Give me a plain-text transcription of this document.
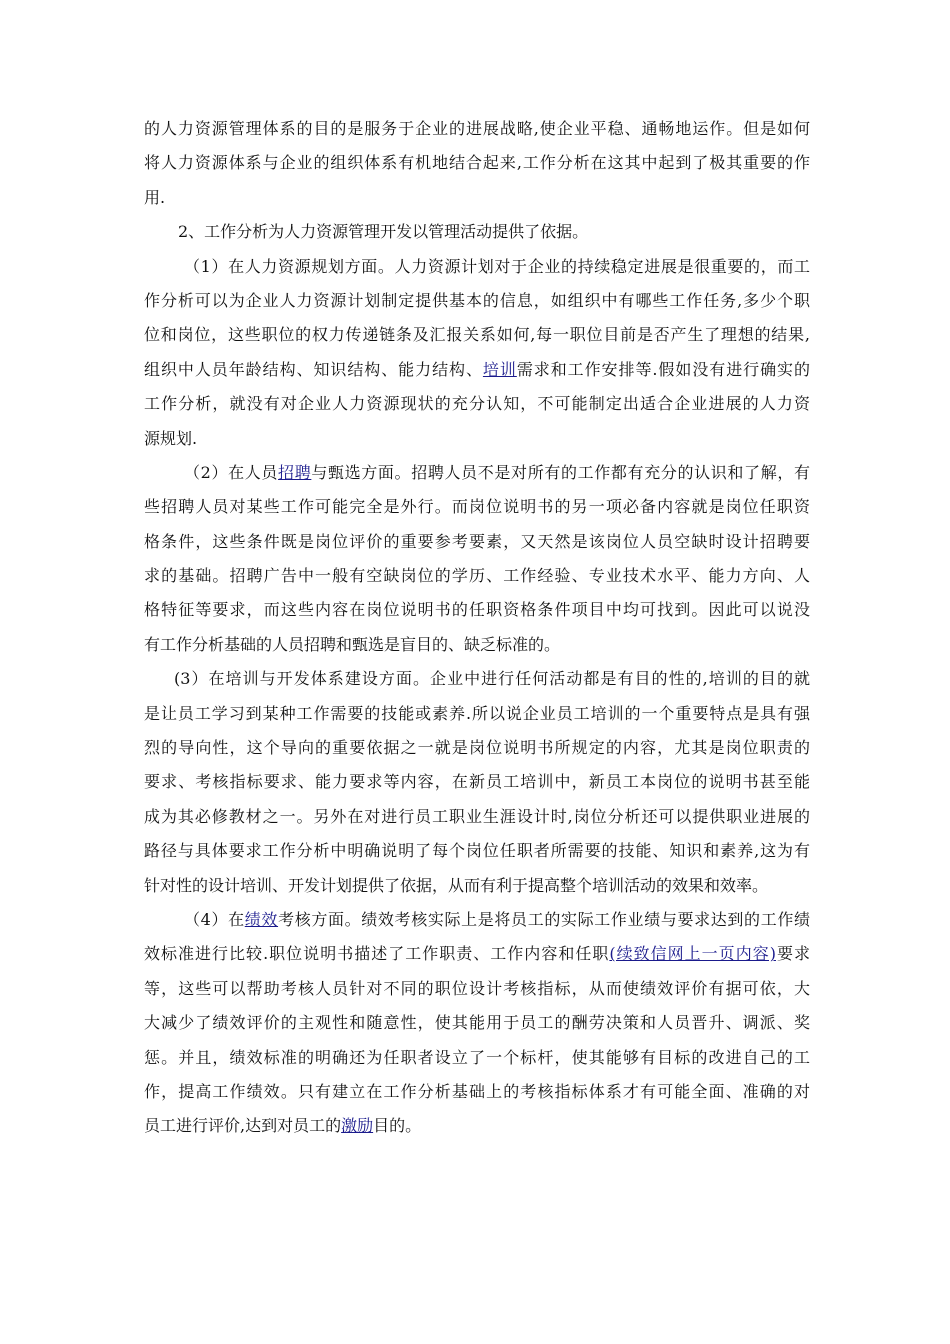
的人力资源管理体系的目的是服务于企业的进展战略,使企业平稳、通畅地运作。但是如何
将人力资源体系与企业的组织体系有机地结合起来,工作分析在这其中起到了极其重要的作
用.
2、工作分析为人力资源管理开发以管理活动提供了依据。
（1）在人力资源规划方面。人力资源计划对于企业的持续稳定进展是很重要的，而工
作分析可以为企业人力资源计划制定提供基本的信息，如组织中有哪些工作任务,多少个职
位和岗位，这些职位的权力传递链条及汇报关系如何,每一职位目前是否产生了理想的结果,
组织中人员年龄结构、知识结构、能力结构、培训需求和工作安排等.假如没有进行确实的
工作分析，就没有对企业人力资源现状的充分认知，不可能制定出适合企业进展的人力资
源规划.
（2）在人员招聘与甄选方面。招聘人员不是对所有的工作都有充分的认识和了解，有
些招聘人员对某些工作可能完全是外行。而岗位说明书的另一项必备内容就是岗位任职资
格条件，这些条件既是岗位评价的重要参考要素，又天然是该岗位人员空缺时设计招聘要
求的基础。招聘广告中一般有空缺岗位的学历、工作经验、专业技术水平、能力方向、人
格特征等要求，而这些内容在岗位说明书的任职资格条件项目中均可找到。因此可以说没
有工作分析基础的人员招聘和甄选是盲目的、缺乏标准的。
(3）在培训与开发体系建设方面。企业中进行任何活动都是有目的性的,培训的目的就
是让员工学习到某种工作需要的技能或素养.所以说企业员工培训的一个重要特点是具有强
烈的导向性，这个导向的重要依据之一就是岗位说明书所规定的内容，尤其是岗位职责的
要求、考核指标要求、能力要求等内容，在新员工培训中，新员工本岗位的说明书甚至能
成为其必修教材之一。另外在对进行员工职业生涯设计时,岗位分析还可以提供职业进展的
路径与具体要求工作分析中明确说明了每个岗位任职者所需要的技能、知识和素养,这为有
针对性的设计培训、开发计划提供了依据，从而有利于提高整个培训活动的效果和效率。
（4）在绩效考核方面。绩效考核实际上是将员工的实际工作业绩与要求达到的工作绩
效标准进行比较.职位说明书描述了工作职责、工作内容和任职(续致信网上一页内容)要求
等，这些可以帮助考核人员针对不同的职位设计考核指标，从而使绩效评价有据可依，大
大减少了绩效评价的主观性和随意性，使其能用于员工的酬劳决策和人员晋升、调派、奖
惩。并且，绩效标准的明确还为任职者设立了一个标杆，使其能够有目标的改进自己的工
作，提高工作绩效。只有建立在工作分析基础上的考核指标体系才有可能全面、准确的对
员工进行评价,达到对员工的激励目的。
